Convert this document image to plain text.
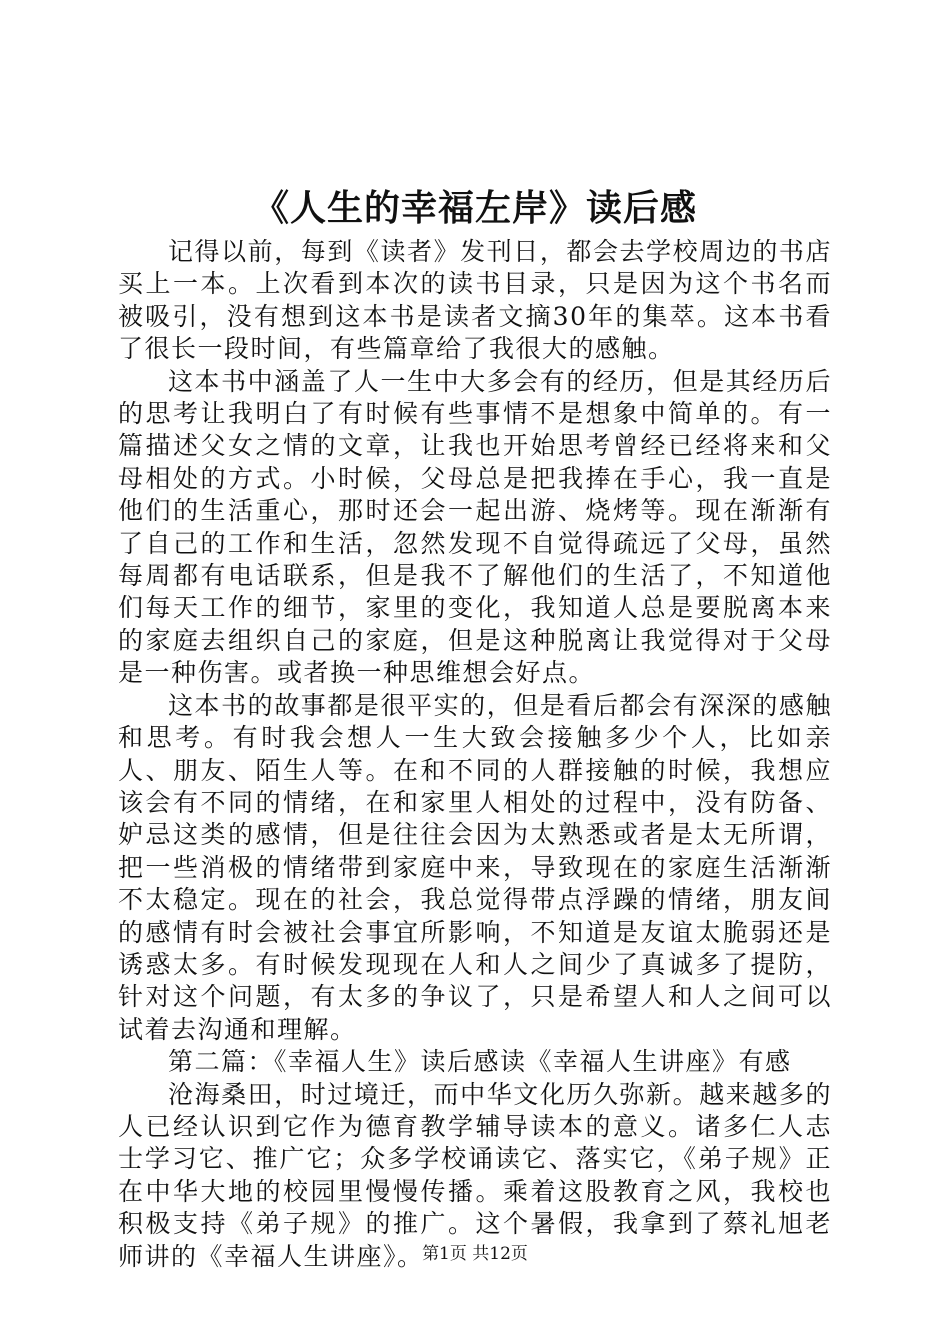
《人生的幸福左岸》读后感

记得以前，每到《读者》发刊日，都会去学校周边的书店买上一本。上次看到本次的读书目录，只是因为这个书名而被吸引，没有想到这本书是读者文摘30年的集萃。这本书看了很长一段时间，有些篇章给了我很大的感触。

这本书中涵盖了人一生中大多会有的经历，但是其经历后的思考让我明白了有时候有些事情不是想象中简单的。有一篇描述父女之情的文章，让我也开始思考曾经已经将来和父母相处的方式。小时候，父母总是把我捧在手心，我一直是他们的生活重心，那时还会一起出游、烧烤等。现在渐渐有了自己的工作和生活，忽然发现不自觉得疏远了父母，虽然每周都有电话联系，但是我不了解他们的生活了，不知道他们每天工作的细节，家里的变化，我知道人总是要脱离本来的家庭去组织自己的家庭，但是这种脱离让我觉得对于父母是一种伤害。或者换一种思维想会好点。

这本书的故事都是很平实的，但是看后都会有深深的感触和思考。有时我会想人一生大致会接触多少个人，比如亲人、朋友、陌生人等。在和不同的人群接触的时候，我想应该会有不同的情绪，在和家里人相处的过程中，没有防备、妒忌这类的感情，但是往往会因为太熟悉或者是太无所谓，把一些消极的情绪带到家庭中来，导致现在的家庭生活渐渐不太稳定。现在的社会，我总觉得带点浮躁的情绪，朋友间的感情有时会被社会事宜所影响，不知道是友谊太脆弱还是诱惑太多。有时候发现现在人和人之间少了真诚多了提防，针对这个问题，有太多的争议了，只是希望人和人之间可以试着去沟通和理解。

第二篇：《幸福人生》读后感读《幸福人生讲座》有感

沧海桑田，时过境迁，而中华文化历久弥新。越来越多的人已经认识到它作为德育教学辅导读本的意义。诸多仁人志士学习它、推广它；众多学校诵读它、落实它，《弟子规》正在中华大地的校园里慢慢传播。乘着这股教育之风，我校也积极支持《弟子规》的推广。这个暑假，我拿到了蔡礼旭老师讲的《幸福人生讲座》。

第1页 共12页
